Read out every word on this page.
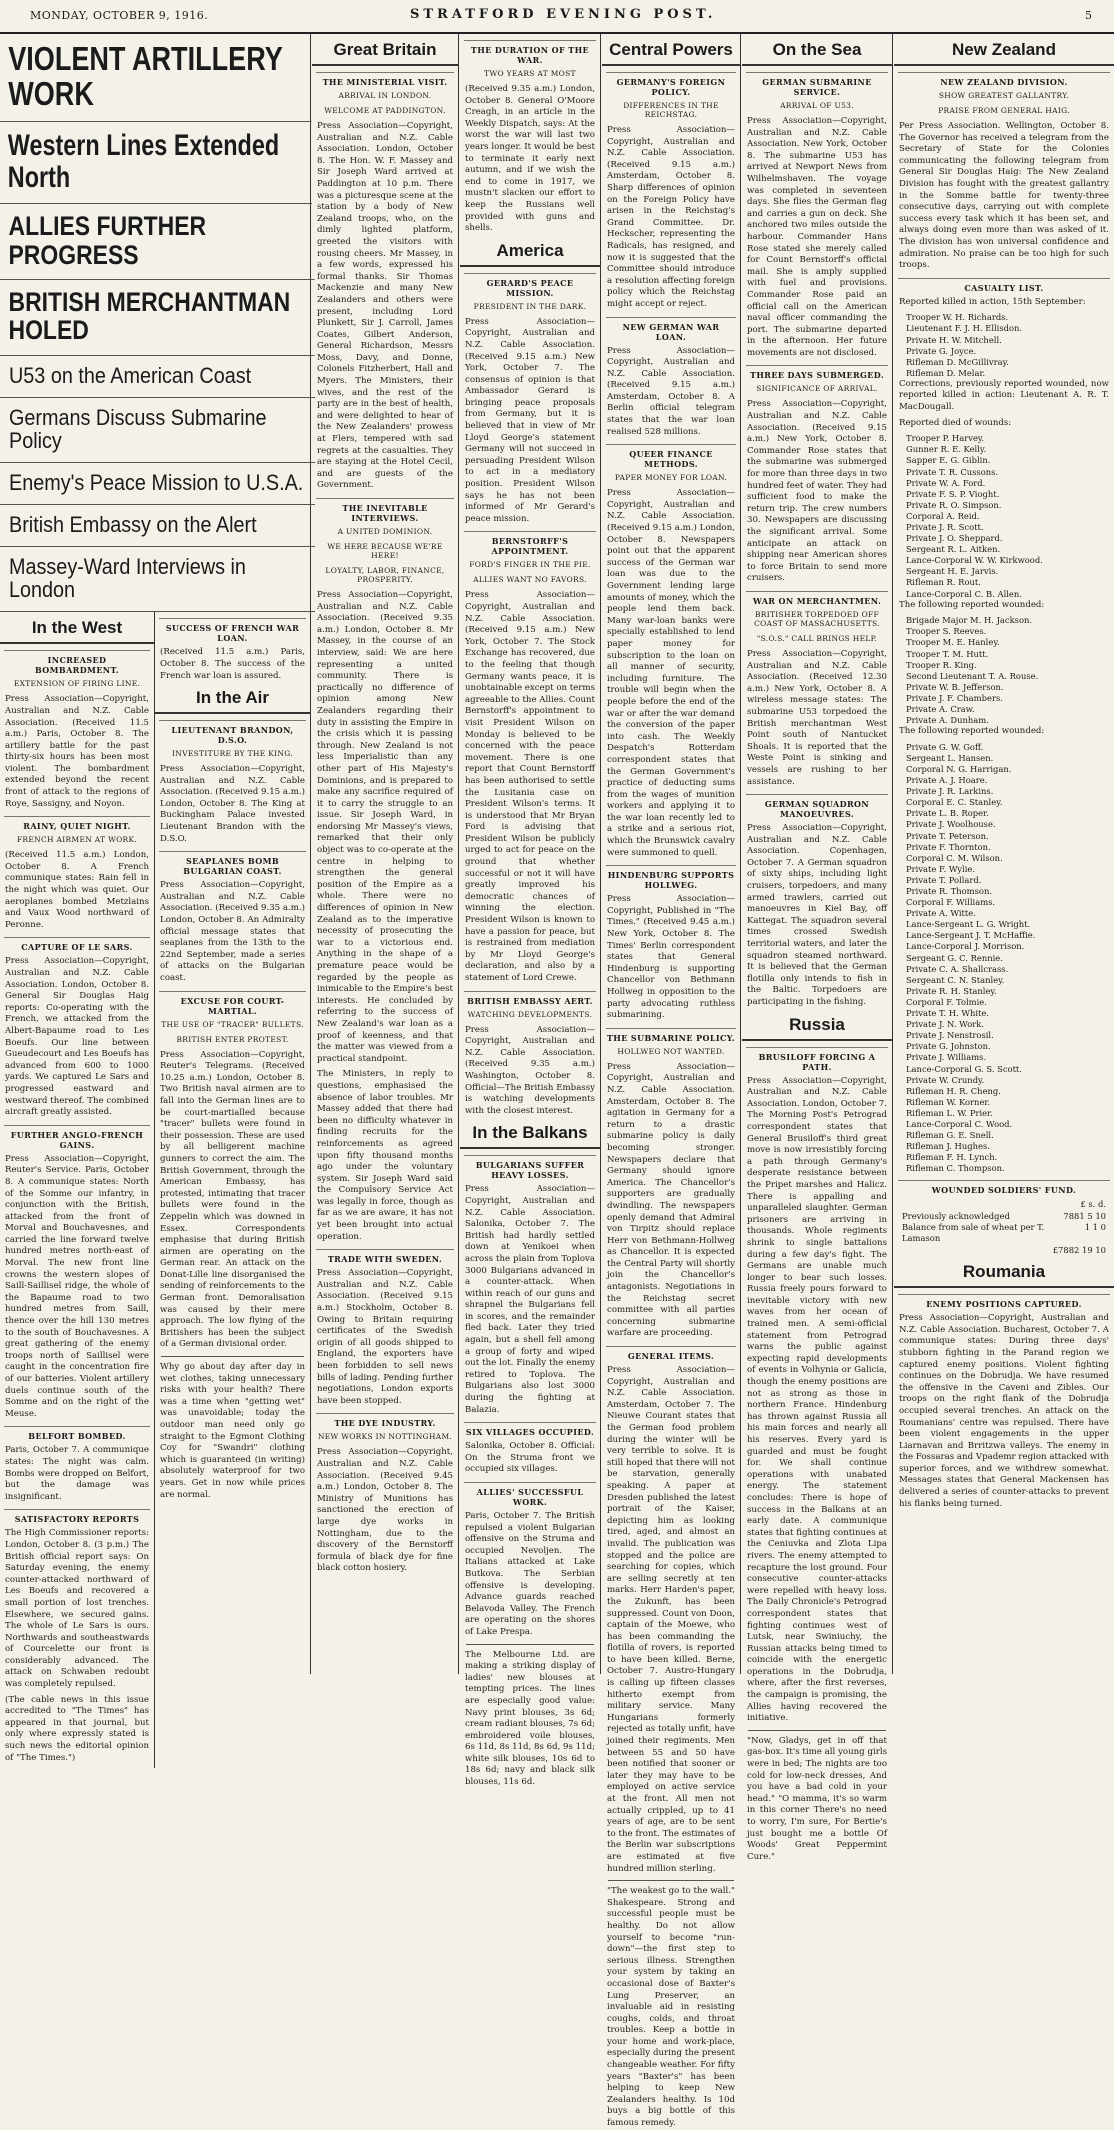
MONDAY, OCTOBER 9, 1916.	STRATFORD EVENING POST.	5
VIOLENT ARTILLERY WORK
Western Lines Extended North
ALLIES FURTHER PROGRESS
BRITISH MERCHANTMAN HOLED
U53 on the American Coast
Germans Discuss Submarine Policy
Enemy's Peace Mission to U.S.A.
British Embassy on the Alert
Massey-Ward Interviews in London
In the West
INCREASED BOMBARDMENT.
EXTENSION OF FIRING LINE.

Press Association—Copyright, Australian and N.Z. Cable Association. (Received 11.5 a.m.) Paris, October 8. The artillery battle for the past thirty-six hours has been most violent. The bombardment extended beyond the recent front of attack to the regions of Roye, Sassigny, and Noyon.

RAINY, QUIET NIGHT.
FRENCH AIRMEN AT WORK.

(Received 11.5 a.m.) London, October 8. A French communique states: Rain fell in the night which was quiet. Our aeroplanes bombed Metzlains and Vaux Wood northward of Peronne.

CAPTURE OF LE SARS.

Press Association—Copyright, Australian and N.Z. Cable Association. London, October 8. General Sir Douglas Haig reports: Co-operating with the French, we attacked from the Albert-Bapaume road to Les Boeufs. Our line between Gueudecourt and Les Boeufs has advanced from 600 to 1000 yards. We captured Le Sars and progressed eastward and westward thereof. The combined aircraft greatly assisted.

FURTHER ANGLO-FRENCH GAINS.

Press Association—Copyright, Reuter's Service. Paris, October 8. A communique states: North of the Somme our infantry, in conjunction with the British, attacked from the front of Morval and Bouchavesnes, and carried the line forward twelve hundred metres north-east of Morval. The new front line crowns the western slopes of Saill-Saillisel ridge, the whole of the Bapaume road to two hundred metres from Saill, thence over the hill 130 metres to the south of Bouchavesnes. A great gathering of the enemy troops north of Saillisel were caught in the concentration fire of our batteries. Violent artillery duels continue south of the Somme and on the right of the Meuse.

BELFORT BOMBED.

Paris, October 7. A communique states: The night was calm. Bombs were dropped on Belfort, but the damage was insignificant.

SATISFACTORY REPORTS

The High Commissioner reports: London, October 8. (3 p.m.) The British official report says: On Saturday evening, the enemy counter-attacked northward of Les Boeufs and recovered a small portion of lost trenches. Elsewhere, we secured gains. The whole of Le Sars is ours. Northwards and southeastwards of Courcelette our front is considerably advanced. The attack on Schwaben redoubt was completely repulsed.

(The cable news in this issue accredited to "The Times" has appeared in that journal, but only where expressly stated is such news the editorial opinion of "The Times.")

SUCCESS OF FRENCH WAR LOAN.

(Received 11.5 a.m.) Paris, October 8. The success of the French war loan is assured.

In the Air
LIEUTENANT BRANDON, D.S.O.
INVESTITURE BY THE KING.

Press Association—Copyright, Australian and N.Z. Cable Association. (Received 9.15 a.m.) London, October 8. The King at Buckingham Palace invested Lieutenant Brandon with the D.S.O.

SEAPLANES BOMB BULGARIAN COAST.

Press Association—Copyright, Australian and N.Z. Cable Association. (Received 9.35 a.m.) London, October 8. An Admiralty official message states that seaplanes from the 13th to the 22nd September, made a series of attacks on the Bulgarian coast.

EXCUSE FOR COURT-MARTIAL.
THE USE OF "TRACER" BULLETS.
BRITISH ENTER PROTEST.

Press Association—Copyright, Reuter's Telegrams. (Received 10.25 a.m.) London, October 8. Two British naval airmen are to fall into the German lines are to be court-martialled because "tracer" bullets were found in their possession. These are used by all belligerent machine gunners to correct the aim. The British Government, through the American Embassy, has protested, intimating that tracer bullets were found in the Zeppelin which was downed in Essex. Correspondents emphasise that during British airmen are operating on the German rear. An attack on the Donat-Lille line disorganised the sending of reinforcements to the German front. Demoralisation was caused by their mere approach. The low flying of the Britishers has been the subject of a German divisional order.

Why go about day after day in wet clothes, taking unnecessary risks with your health? There was a time when "getting wet" was unavoidable; today the outdoor man need only go straight to the Egmont Clothing Coy for "Swandri" clothing which is guaranteed (in writing) absolutely waterproof for two years. Get in now while prices are normal.

Great Britain
THE MINISTERIAL VISIT.
ARRIVAL IN LONDON.
WELCOME AT PADDINGTON.

Press Association—Copyright, Australian and N.Z. Cable Association. London, October 8. The Hon. W. F. Massey and Sir Joseph Ward arrived at Paddington at 10 p.m. There was a picturesque scene at the station by a body of New Zealand troops, who, on the dimly lighted platform, greeted the visitors with rousing cheers. Mr Massey, in a few words, expressed his formal thanks. Sir Thomas Mackenzie and many New Zealanders and others were present, including Lord Plunkett, Sir J. Carroll, James Coates, Gilbert Anderson, General Richardson, Messrs Moss, Davy, and Donne, Colonels Fitzherbert, Hall and Myers. The Ministers, their wives, and the rest of the party are in the best of health, and were delighted to hear of the New Zealanders' prowess at Flers, tempered with sad regrets at the casualties. They are staying at the Hotel Cecil, and are guests of the Government.

THE INEVITABLE INTERVIEWS.
A UNITED DOMINION.
WE HERE BECAUSE WE'RE HERE!
LOYALTY, LABOR, FINANCE, PROSPERITY.

Press Association—Copyright, Australian and N.Z. Cable Association. (Received 9.35 a.m.) London, October 8. Mr Massey, in the course of an interview, said: We are here representing a united community. There is practically no difference of opinion among New Zealanders regarding their duty in assisting the Empire in the crisis which it is passing through. New Zealand is not less Imperialistic than any other part of His Majesty's Dominions, and is prepared to make any sacrifice required of it to carry the struggle to an issue. Sir Joseph Ward, in endorsing Mr Massey's views, remarked that their only object was to co-operate at the centre in helping to strengthen the general position of the Empire as a whole. There were no differences of opinion in New Zealand as to the imperative necessity of prosecuting the war to a victorious end. Anything in the shape of a premature peace would be regarded by the people as inimicable to the Empire's best interests. He concluded by referring to the success of New Zealand's war loan as a proof of keenness, and that the matter was viewed from a practical standpoint.

The Ministers, in reply to questions, emphasised the absence of labor troubles. Mr Massey added that there had been no difficulty whatever in finding recruits for the reinforcements as agreed upon fifty thousand months ago under the voluntary system. Sir Joseph Ward said the Compulsory Service Act was legally in force, though as far as we are aware, it has not yet been brought into actual operation.

TRADE WITH SWEDEN.

Press Association—Copyright, Australian and N.Z. Cable Association. (Received 9.15 a.m.) Stockholm, October 8. Owing to Britain requiring certificates of the Swedish origin of all goods shipped to England, the exporters have been forbidden to sell news bills of lading. Pending further negotiations, London exports have been stopped.

THE DYE INDUSTRY.
NEW WORKS IN NOTTINGHAM.

Press Association—Copyright, Australian and N.Z. Cable Association. (Received 9.45 a.m.) London, October 8. The Ministry of Munitions has sanctioned the erection of large dye works in Nottingham, due to the discovery of the Bernstorff formula of black dye for fine black cotton hosiery.

THE DURATION OF THE WAR.
TWO YEARS AT MOST

(Received 9.35 a.m.) London, October 8. General O'Moore Creagh, in an article in the Weekly Dispatch, says: At the worst the war will last two years longer. It would be best to terminate it early next autumn, and if we wish the end to come in 1917, we mustn't slacken our effort to keep the Russians well provided with guns and shells.

America
GERARD'S PEACE MISSION.
PRESIDENT IN THE DARK.

Press Association—Copyright, Australian and N.Z. Cable Association. (Received 9.15 a.m.) New York, October 7. The consensus of opinion is that Ambassador Gerard is bringing peace proposals from Germany, but it is believed that in view of Mr Lloyd George's statement Germany will not succeed in persuading President Wilson to act in a mediatory position. President Wilson says he has not been informed of Mr Gerard's peace mission.

BERNSTORFF'S APPOINTMENT.
FORD'S FINGER IN THE PIE.
ALLIES WANT NO FAVORS.

Press Association—Copyright, Australian and N.Z. Cable Association. (Received 9.15 a.m.) New York, October 7. The Stock Exchange has recovered, due to the feeling that though Germany wants peace, it is unobtainable except on terms agreeable to the Allies. Count Bernstorff's appointment to visit President Wilson on Monday is believed to be concerned with the peace movement. There is one report that Count Bernstorff has been authorised to settle the Lusitania case on President Wilson's terms. It is understood that Mr Bryan Ford is advising that President Wilson be publicly urged to act for peace on the ground that whether successful or not it will have greatly improved his democratic chances of winning the election. President Wilson is known to have a passion for peace, but is restrained from mediation by Mr Lloyd George's declaration, and also by a statement of Lord Crewe.

BRITISH EMBASSY AERT.
WATCHING DEVELOPMENTS.

Press Association—Copyright, Australian and N.Z. Cable Association. (Received 9.35 a.m.) Washington, October 8. Official—The British Embassy is watching developments with the closest interest.

In the Balkans
BULGARIANS SUFFER HEAVY LOSSES.

Press Association—Copyright, Australian and N.Z. Cable Association. Salonika, October 7. The British had hardly settled down at Yenikoei when across the plain from Toplova 3000 Bulgarians advanced in a counter-attack. When within reach of our guns and shrapnel the Bulgarians fell in scores, and the remainder fled back. Later they tried again, but a shell fell among a group of forty and wiped out the lot. Finally the enemy retired to Toplova. The Bulgarians also lost 3000 during the fighting at Balazia.

SIX VILLAGES OCCUPIED.

Salonika, October 8. Official: On the Struma front we occupied six villages.

ALLIES' SUCCESSFUL WORK.

Paris, October 7. The British repulsed a violent Bulgarian offensive on the Struma and occupied Nevoljen. The Italians attacked at Lake Butkova. The Serbian offensive is developing. Advance guards reached Belavoda Valley. The French are operating on the shores of Lake Prespa.

The Melbourne Ltd. are making a striking display of ladies' new blouses at tempting prices. The lines are especially good value: Navy print blouses, 3s 6d; cream radiant blouses, 7s 6d; embroidered voile blouses, 6s 11d, 8s 11d, 8s 6d, 9s 11d; white silk blouses, 10s 6d to 18s 6d; navy and black silk blouses, 11s 6d.

Central Powers
GERMANY'S FOREIGN POLICY.
DIFFERENCES IN THE REICHSTAG.

Press Association—Copyright, Australian and N.Z. Cable Association. (Received 9.15 a.m.) Amsterdam, October 8. Sharp differences of opinion on the Foreign Policy have arisen in the Reichstag's Grand Committee. Dr. Heckscher, representing the Radicals, has resigned, and now it is suggested that the Committee should introduce a resolution affecting foreign policy which the Reichstag might accept or reject.

NEW GERMAN WAR LOAN.

Press Association—Copyright, Australian and N.Z. Cable Association. (Received 9.15 a.m.) Amsterdam, October 8. A Berlin official telegram states that the war loan realised 528 millions.

QUEER FINANCE METHODS.
PAPER MONEY FOR LOAN.

Press Association—Copyright, Australian and N.Z. Cable Association. (Received 9.15 a.m.) London, October 8. Newspapers point out that the apparent success of the German war loan was due to the Government lending large amounts of money, which the people lend them back. Many war-loan banks were specially established to lend paper money for subscription to the loan on all manner of security, including furniture. The trouble will begin when the people before the end of the war or after the war demand the conversion of the paper into cash. The Weekly Despatch's Rotterdam correspondent states that the German Government's practice of deducting sums from the wages of munition workers and applying it to the war loan recently led to a strike and a serious riot, which the Brunswick cavalry were summoned to quell.

HINDENBURG SUPPORTS HOLLWEG.

Press Association—Copyright, Published in "The Times." (Received 9.45 a.m.) New York, October 8. The Times' Berlin correspondent states that General Hindenburg is supporting Chancellor von Bethmann Hollweg in opposition to the party advocating ruthless submarining.

THE SUBMARINE POLICY.
HOLLWEG NOT WANTED.

Press Association—Copyright, Australian and N.Z. Cable Association. Amsterdam, October 8. The agitation in Germany for a return to a drastic submarine policy is daily becoming stronger. Newspapers declare that Germany should ignore America. The Chancellor's supporters are gradually dwindling. The newspapers openly demand that Admiral von Tirpitz should replace Herr von Bethmann-Hollweg as Chancellor. It is expected the Central Party will shortly join the Chancellor's antagonists. Negotiations in the Reichstag secret committee with all parties concerning submarine warfare are proceeding.

GENERAL ITEMS.

Press Association—Copyright, Australian and N.Z. Cable Association. Amsterdam, October 7. The Nieuwe Courant states that the German food problem during the winter will be very terrible to solve. It is still hoped that there will not be starvation, generally speaking. A paper at Dresden published the latest portrait of the Kaiser, depicting him as looking tired, aged, and almost an invalid. The publication was stopped and the police are searching for copies, which are selling secretly at ten marks. Herr Harden's paper, the Zukunft, has been suppressed. Count von Doon, captain of the Moewe, who has been commanding the flotilla of rovers, is reported to have been killed. Berne, October 7. Austro-Hungary is calling up fifteen classes hitherto exempt from military service. Many Hungarians formerly rejected as totally unfit, have joined their regiments. Men between 55 and 50 have been notified that sooner or later they may have to be employed on active service at the front. All men not actually crippled, up to 41 years of age, are to be sent to the front. The estimates of the Berlin war subscriptions are estimated at five hundred million sterling.

"The weakest go to the wall." Shakespeare. Strong and successful people must be healthy. Do not allow yourself to become "run-down"—the first step to serious illness. Strengthen your system by taking an occasional dose of Baxter's Lung Preserver, an invaluable aid in resisting coughs, colds, and throat troubles. Keep a bottle in your home and work-place, especially during the present changeable weather. For fifty years "Baxter's" has been helping to keep New Zealanders healthy. Is 10d buys a big bottle of this famous remedy.

On the Sea
GERMAN SUBMARINE SERVICE.
ARRIVAL OF U53.

Press Association—Copyright, Australian and N.Z. Cable Association. New York, October 8. The submarine U53 has arrived at Newport News from Wilhelmshaven. The voyage was completed in seventeen days. She flies the German flag and carries a gun on deck. She anchored two miles outside the harbour. Commander Hans Rose stated she merely called for Count Bernstorff's official mail. She is amply supplied with fuel and provisions. Commander Rose paid an official call on the American naval officer commanding the port. The submarine departed in the afternoon. Her future movements are not disclosed.

THREE DAYS SUBMERGED.
SIGNIFICANCE OF ARRIVAL.

Press Association—Copyright, Australian and N.Z. Cable Association. (Received 9.15 a.m.) New York, October 8. Commander Rose states that the submarine was submerged for more than three days in two hundred feet of water. They had sufficient food to make the return trip. The crew numbers 30. Newspapers are discussing the significant arrival. Some anticipate an attack on shipping near American shores to force Britain to send more cruisers.

WAR ON MERCHANTMEN.
BRITISHER TORPEDOED OFF COAST OF MASSACHUSETTS.
"S.O.S." CALL BRINGS HELP.

Press Association—Copyright, Australian and N.Z. Cable Association. (Received 12.30 a.m.) New York, October 8. A wireless message states: The submarine U53 torpedoed the British merchantman West Point south of Nantucket Shoals. It is reported that the Weste Point is sinking and vessels are rushing to her assistance.

GERMAN SQUADRON MANOEUVRES.

Press Association—Copyright, Australian and N.Z. Cable Association. Copenhagen, October 7. A German squadron of sixty ships, including light cruisers, torpedoers, and many armed trawlers, carried out manoeuvres in Kiel Bay, off Kattegat. The squadron several times crossed Swedish territorial waters, and later the squadron steamed northward. It is believed that the German flotilla only intends to fish in the Baltic. Torpedoers are participating in the fishing.

Russia
BRUSILOFF FORCING A PATH.

Press Association—Copyright, Australian and N.Z. Cable Association. London, October 7. The Morning Post's Petrograd correspondent states that General Brusiloff's third great move is now irresistibly forcing a path through Germany's desperate resistance between the Pripet marshes and Halicz. There is appalling and unparalleled slaughter. German prisoners are arriving in thousands. Whole regiments shrink to single battalions during a few day's fight. The Germans are unable much longer to bear such losses. Russia freely pours forward to inevitable victory with new waves from her ocean of trained men. A semi-official statement from Petrograd warns the public against expecting rapid developments of events in Volhynia or Galicia, though the enemy positions are not as strong as those in northern France. Hindenburg has thrown against Russia all his main forces and nearly all his reserves. Every yard is guarded and must be fought for. We shall continue operations with unabated energy. The statement concludes: There is hope of success in the Balkans at an early date. A communique states that fighting continues at the Ceniuvka and Zlota Lipa rivers. The enemy attempted to recapture the lost ground. Four consecutive counter-attacks were repelled with heavy loss. The Daily Chronicle's Petrograd correspondent states that fighting continues west of Lutsk, near Swiniuchy, the Russian attacks being timed to coincide with the energetic operations in the Dobrudja, where, after the first reverses, the campaign is promising, the Allies having recovered the initiative.

"Now, Gladys, get in off that gas-box. It's time all young girls were in bed; The nights are too cold for low-neck dresses, And you have a bad cold in your head." "O mamma, it's so warm in this corner There's no need to worry, I'm sure, For Bertie's just bought me a bottle Of Woods' Great Peppermint Cure."

New Zealand
NEW ZEALAND DIVISION.
SHOW GREATEST GALLANTRY.
PRAISE FROM GENERAL HAIG.

Per Press Association. Wellington, October 8. The Governor has received a telegram from the Secretary of State for the Colonies communicating the following telegram from General Sir Douglas Haig: The New Zealand Division has fought with the greatest gallantry in the Somme battle for twenty-three consecutive days, carrying out with complete success every task which it has been set, and always doing even more than was asked of it. The division has won universal confidence and admiration. No praise can be too high for such troops.

CASUALTY LIST.

Reported killed in action, 15th September:

Trooper W. H. Richards.
Lieutenant F. J. H. Ellisdon.
Private H. W. Mitchell.
Private G. Joyce.
Rifleman D. McGillivray.
Rifleman D. Melar.

Corrections, previously reported wounded, now reported killed in action: Lieutenant A. R. T. MacDougall.

Reported died of wounds:

Trooper P. Harvey.
Gunner R. E. Kelly.
Sapper E. G. Giblin.
Private T. R. Cussons.
Private W. A. Ford.
Private F. S. P. Vioght.
Private R. O. Simpson.
Corporal A. Reid.
Private J. R. Scott.
Private J. O. Sheppard.
Sergeant R. L. Aitken.
Lance-Corporal W. W. Kirkwood.
Sergeant H. E. Jarvis.
Rifleman R. Rout.
Lance-Corporal C. B. Allen.

The following reported wounded:

Brigade Major M. H. Jackson.
Trooper S. Reeves.
Trooper M. E. Hanley.
Trooper T. M. Hutt.
Trooper R. King.
Second Lieutenant T. A. Rouse.
Private W. B. Jefferson.
Private J. F. Chambers.
Private A. Craw.
Private A. Dunham.

The following reported wounded:

Private G. W. Goff.
Sergeant L. Hansen.
Corporal N. G. Harrigan.
Private A. J. Hoare.
Private J. R. Larkins.
Corporal E. C. Stanley.
Private L. B. Roper.
Private J. Woolhouse.
Private T. Peterson.
Private F. Thornton.
Corporal C. M. Wilson.
Private F. Wylie.
Private T. Pollard.
Private R. Thomson.
Corporal F. Williams.
Private A. Witte.
Lance-Sergeant L. G. Wright.
Lance-Sergeant J. T. McHaffie.
Lance-Corporal J. Morrison.
Sergeant G. C. Rennie.
Private C. A. Shallcrass.
Sergeant C. N. Stanley.
Private R. H. Stanley.
Corporal F. Tolmie.
Private T. H. White.
Private J. N. Work.
Private J. Nenstrosil.
Private G. Johnston.
Private J. Williams.
Lance-Corporal G. S. Scott.
Private W. Crundy.
Rifleman H. R. Cheng.
Rifleman W. Korner.
Rifleman L. W. Prier.
Lance-Corporal C. Wood.
Rifleman G. E. Snell.
Rifleman J. Hughes.
Rifleman F. H. Lynch.
Rifleman C. Thompson.
WOUNDED SOLDIERS' FUND.
£ s. d.
Previously acknowledged	7881 5 10
Balance from sale of wheat per T. Lamason
1 1 0
£7882 19 10
Roumania
ENEMY POSITIONS CAPTURED.

Press Association—Copyright, Australian and N.Z. Cable Association. Bucharest, October 7. A communique states: During three days' stubborn fighting in the Parand region we captured enemy positions. Violent fighting continues on the Dobrudja. We have resumed the offensive in the Caveni and Zibles. Our troops on the right flank of the Dobrudja occupied several trenches. An attack on the Roumanians' centre was repulsed. There have been violent engagements in the upper Liarnavan and Brritzwa valleys. The enemy in the Fossaras and Vpademr region attacked with superior forces, and we withdrew somewhat. Messages states that General Mackensen has delivered a series of counter-attacks to prevent his flanks being turned.
